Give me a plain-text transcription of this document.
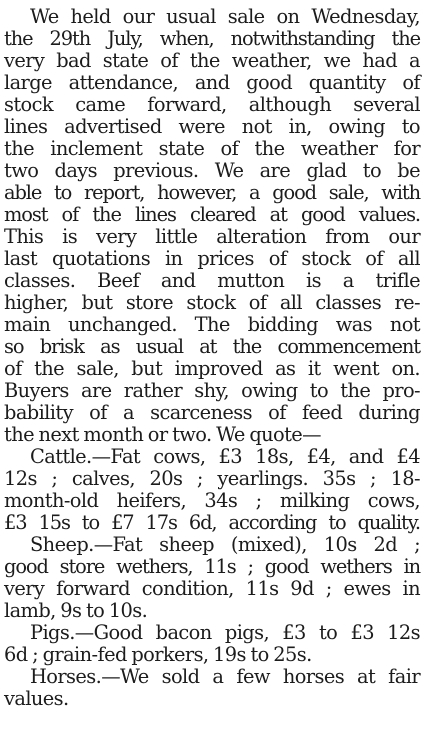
We held our usual sale on Wednesday,
the 29th July, when, notwithstanding the
very bad state of the weather, we had a
large attendance, and good quantity of
stock came forward, although several
lines advertised were not in, owing to
the inclement state of the weather for
two days previous. We are glad to be
able to report, however, a good sale, with
most of the lines cleared at good values.
This is very little alteration from our
last quotations in prices of stock of all
classes. Beef and mutton is a trifle
higher, but store stock of all classes re-
main unchanged. The bidding was not
so brisk as usual at the commencement
of the sale, but improved as it went on.
Buyers are rather shy, owing to the pro-
bability of a scarceness of feed during
the next month or two. We quote—
Cattle.—Fat cows, £3 18s, £4, and £4
12s ; calves, 20s ; yearlings. 35s ; 18-
month-old heifers, 34s ; milking cows,
£3 15s to £7 17s 6d, according to quality.
Sheep.—Fat sheep (mixed), 10s 2d ;
good store wethers, 11s ; good wethers in
very forward condition, 11s 9d ; ewes in
lamb, 9s to 10s.
Pigs.—Good bacon pigs, £3 to £3 12s
6d ; grain-fed porkers, 19s to 25s.
Horses.—We sold a few horses at fair
values.
